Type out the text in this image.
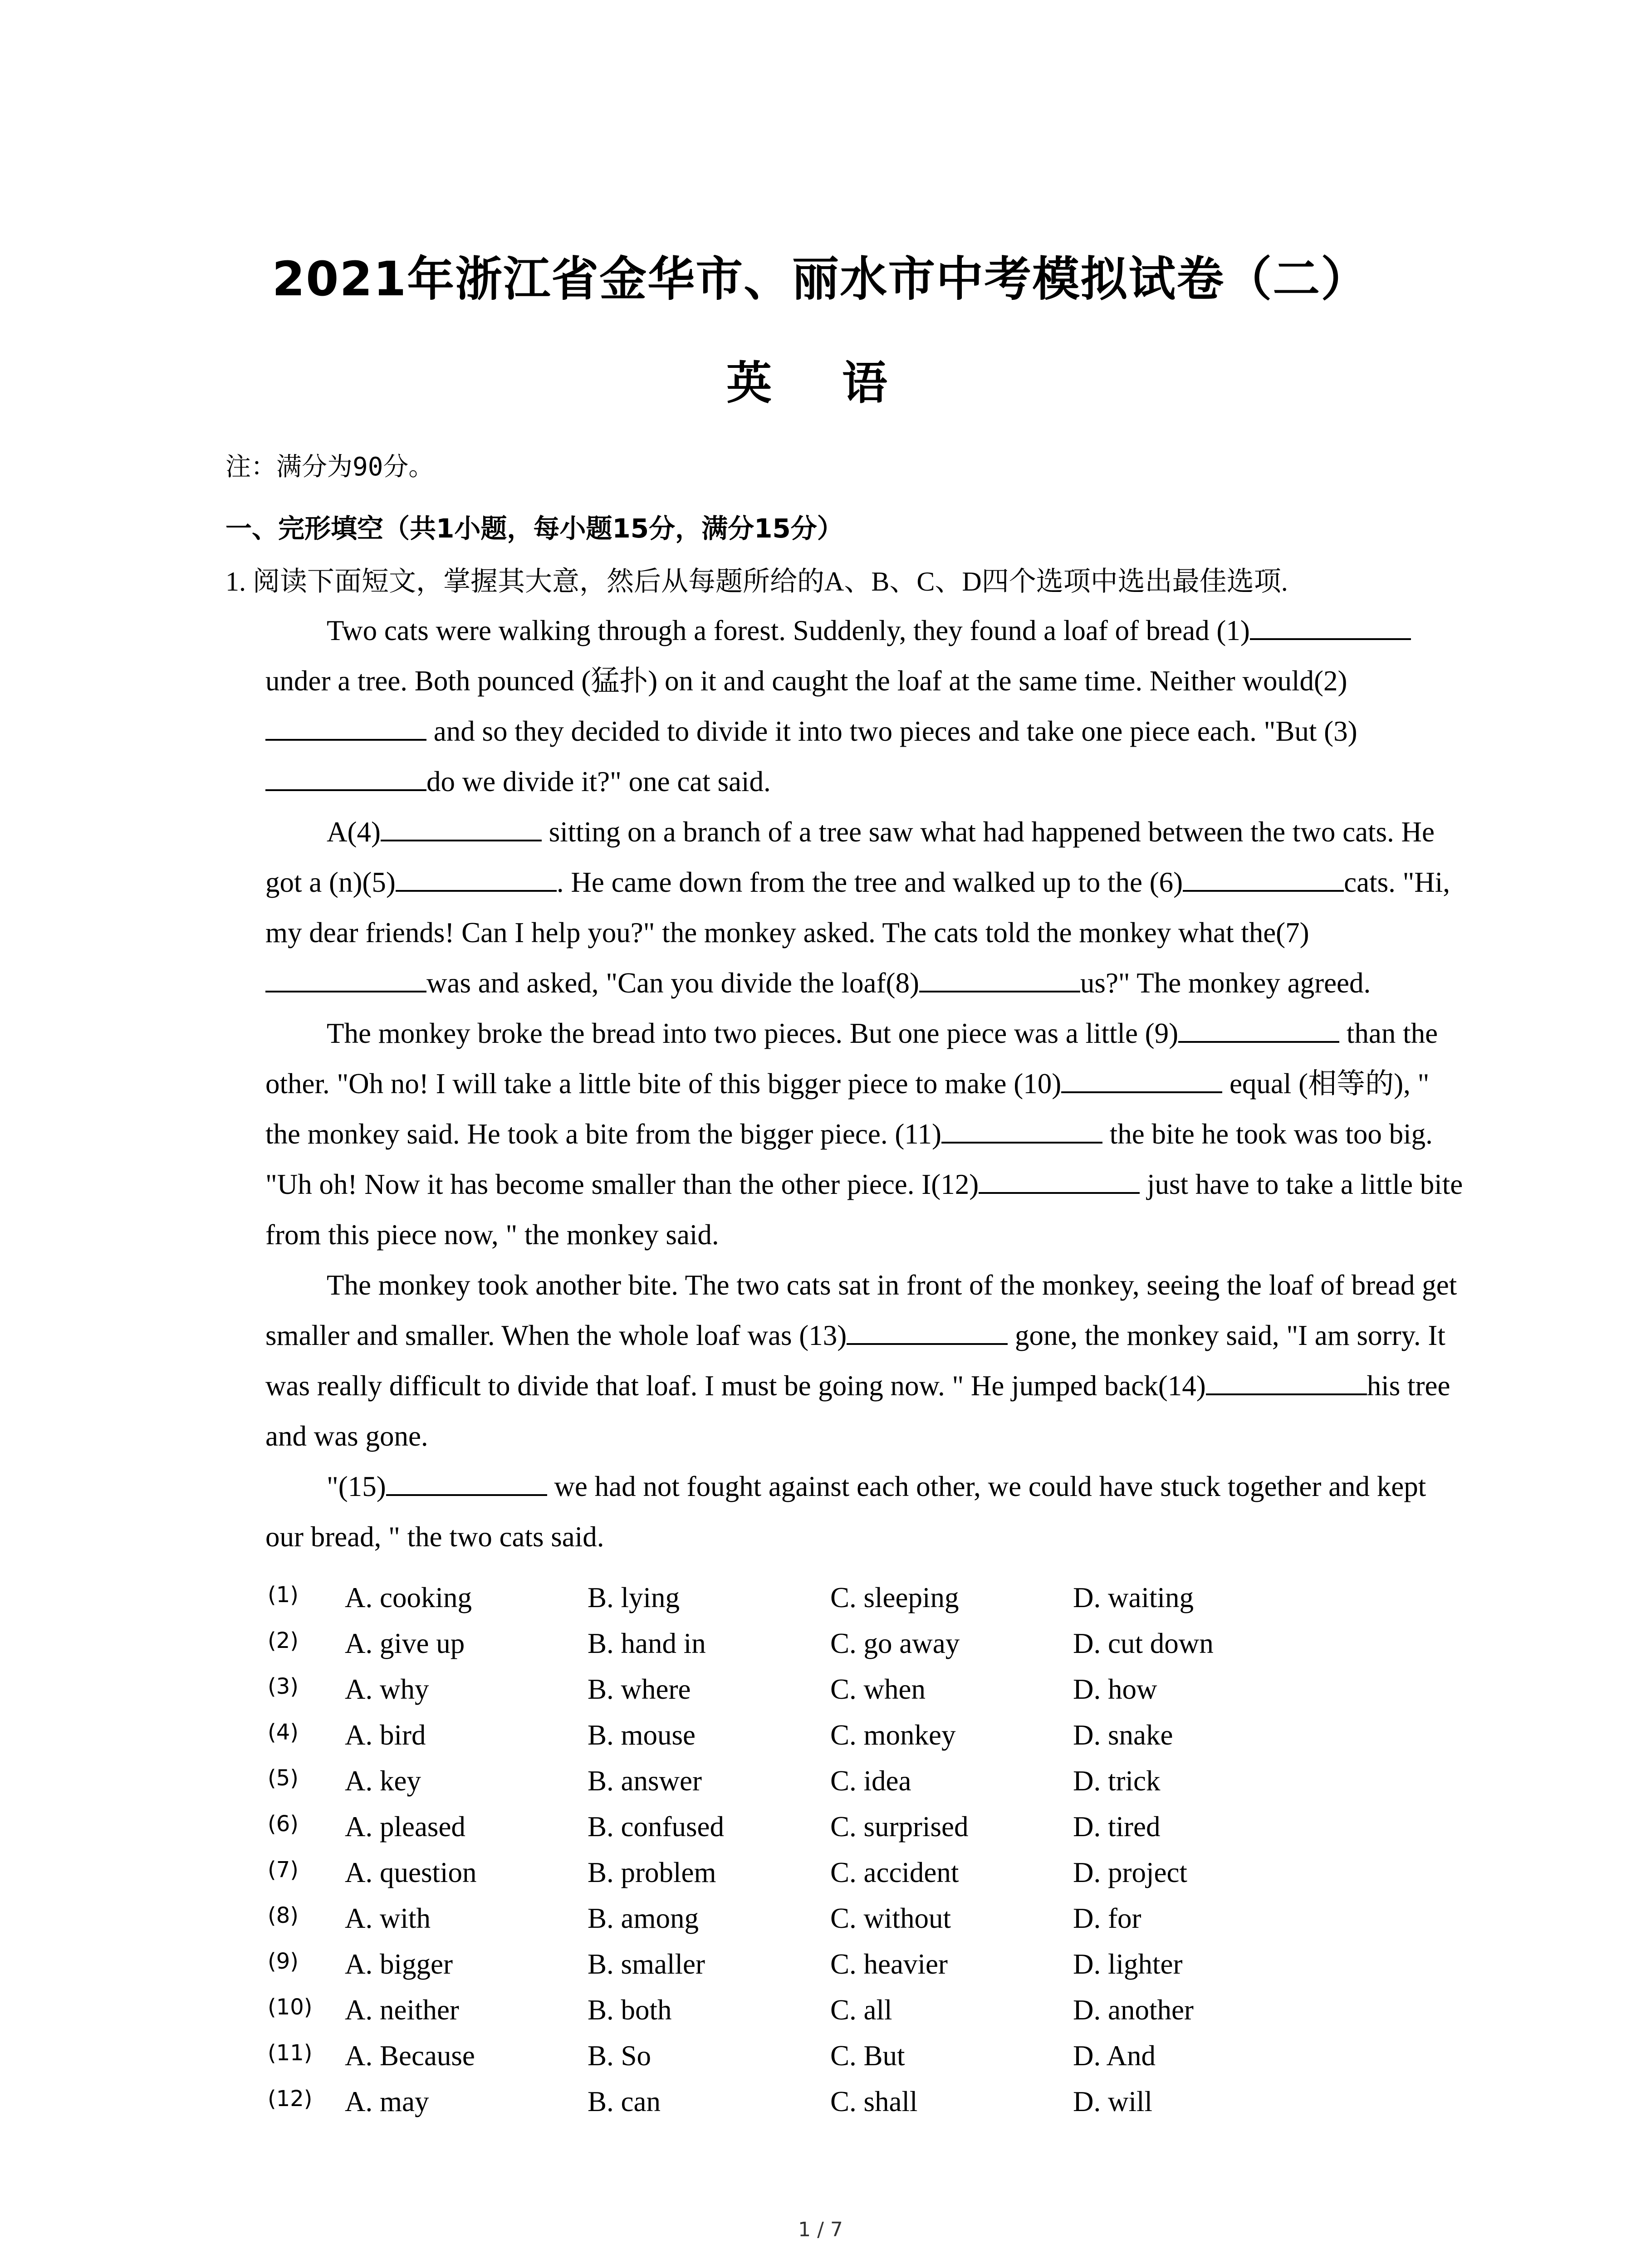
2021年浙江省金华市、丽水市中考模拟试卷（二）
英 语
注：满分为90分。
一、完形填空（共1小题，每小题15分，满分15分）
1. 阅读下面短文，掌握其大意，然后从每题所给的A、B、C、D四个选项中选出最佳选项.

Two cats were walking through a forest. Suddenly, they found a loaf of bread (1) under a tree. Both pounced (猛扑) on it and caught the loaf at the same time. Neither would(2) and so they decided to divide it into two pieces and take one piece each. "But (3)do we divide it?" one cat said.

A(4)	sitting on a branch of a tree saw what had happened between the two cats. He got a (n)(5)	. He came down from the tree and walked up to the (6)	cats. "Hi, my dear friends! Can I help you?" the monkey asked. The cats told the monkey what the(7)was and asked, "Can you divide the loaf(8)	us?" The monkey agreed.

The monkey broke the bread into two pieces. But one piece was a little (9)	than the other. "Oh no! I will take a little bite of this bigger piece to make (10)	equal (相等的), " the monkey said. He took a bite from the bigger piece. (11)	the bite he took was too big. "Uh oh! Now it has become smaller than the other piece. I(12)	just have to take a little bite from this piece now, " the monkey said.

The monkey took another bite. The two cats sat in front of the monkey, seeing the loaf of bread get smaller and smaller. When the whole loaf was (13)	gone, the monkey said, "I am sorry. It was really difficult to divide that loaf. I must be going now. " He jumped back(14)	his tree and was gone.

"(15)	we had not fought against each other, we could have stuck together and kept our bread, " the two cats said.

(1) A. cooking	B. lying	C. sleeping	D. waiting
(2) A. give up	B. hand in	C. go away	D. cut down
(3) A. why	B. where	C. when	D. how
(4) A. bird	B. mouse	C. monkey	D. snake
(5) A. key	B. answer	C. idea	D. trick
(6) A. pleased	B. confused	C. surprised	D. tired
(7) A. question	B. problem	C. accident	D. project
(8) A. with	B. among	C. without	D. for
(9) A. bigger	B. smaller	C. heavier	D. lighter
(10) A. neither	B. both	C. all	D. another
(11) A. Because	B. So	C. But	D. And
(12) A. may	B. can	C. shall	D. will
1 / 7
